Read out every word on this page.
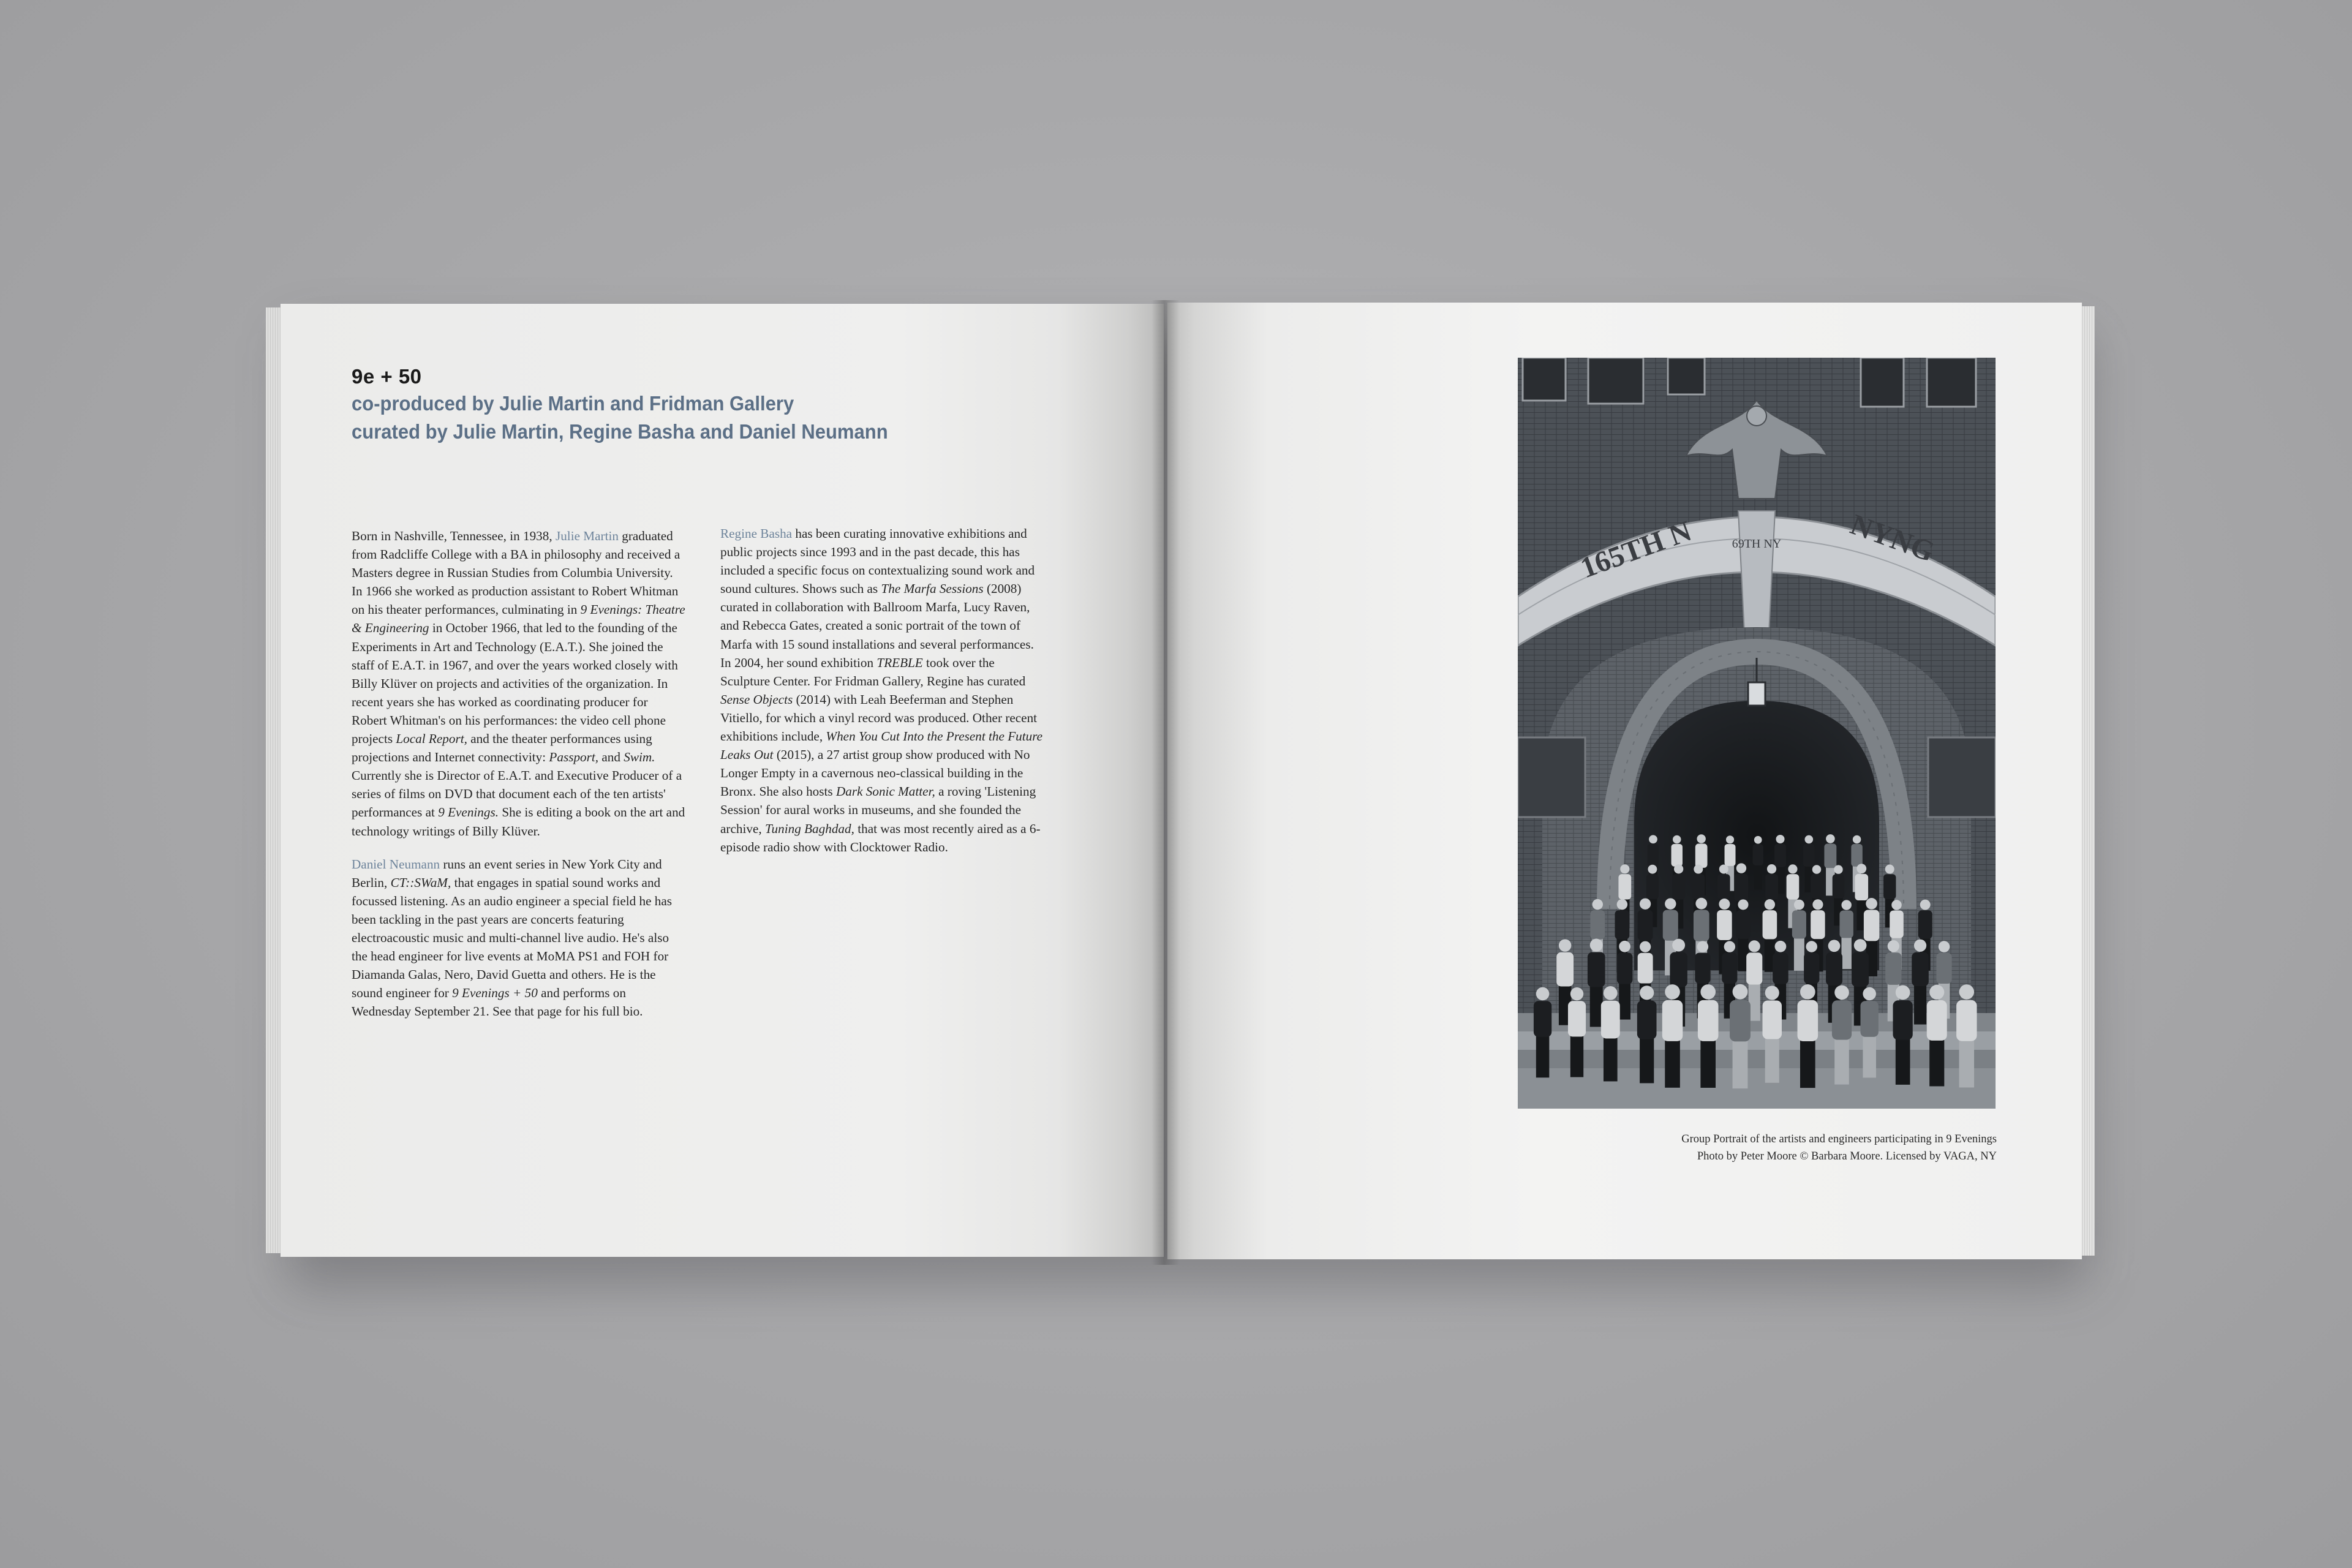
9e + 50
co-produced by Julie Martin and Fridman Gallery
curated by Julie Martin, Regine Basha and Daniel Neumann

Born in Nashville, Tennessee, in 1938, Julie Martin graduated from Radcliffe College with a BA in philosophy and received a Masters degree in Russian Studies from Columbia University. In 1966 she worked as production assistant to Robert Whitman on his theater performances, culminating in 9 Evenings: Theatre & Engineering in October 1966, that led to the founding of the Experiments in Art and Technology (E.A.T.). She joined the staff of E.A.T. in 1967, and over the years worked closely with Billy Klüver on projects and activities of the organization. In recent years she has worked as coordinating producer for Robert Whitman's on his performances: the video cell phone projects Local Report, and the theater performances using projections and Internet connectivity: Passport, and Swim. Currently she is Director of E.A.T. and Executive Producer of a series of films on DVD that document each of the ten artists' performances at 9 Evenings. She is editing a book on the art and technology writings of Billy Klüver.

Daniel Neumann runs an event series in New York City and Berlin, CT::SWaM, that engages in spatial sound works and focussed listening. As an audio engineer a special field he has been tackling in the past years are concerts featuring electroacoustic music and multi-channel live audio. He's also the head engineer for live events at MoMA PS1 and FOH for Diamanda Galas, Nero, David Guetta and others. He is the sound engineer for 9 Evenings + 50 and performs on Wednesday September 21. See that page for his full bio.

Regine Basha has been curating innovative exhibitions and public projects since 1993 and in the past decade, this has included a specific focus on contextualizing sound work and sound cultures. Shows such as The Marfa Sessions (2008) curated in collaboration with Ballroom Marfa, Lucy Raven, and Rebecca Gates, created a sonic portrait of the town of Marfa with 15 sound installations and several performances. In 2004, her sound exhibition TREBLE took over the Sculpture Center. For Fridman Gallery, Regine has curated Sense Objects (2014) with Leah Beeferman and Stephen Vitiello, for which a vinyl record was produced. Other recent exhibitions include, When You Cut Into the Present the Future Leaks Out (2015), a 27 artist group show produced with No Longer Empty in a cavernous neo-classical building in the Bronx. She also hosts Dark Sonic Matter, a roving 'Listening Session' for aural works in museums, and she founded the archive, Tuning Baghdad, that was most recently aired as a 6-episode radio show with Clocktower Radio.

165TH N	NYNG
69TH NY
Group Portrait of the artists and engineers participating in 9 Evenings
Photo by Peter Moore © Barbara Moore. Licensed by VAGA, NY
